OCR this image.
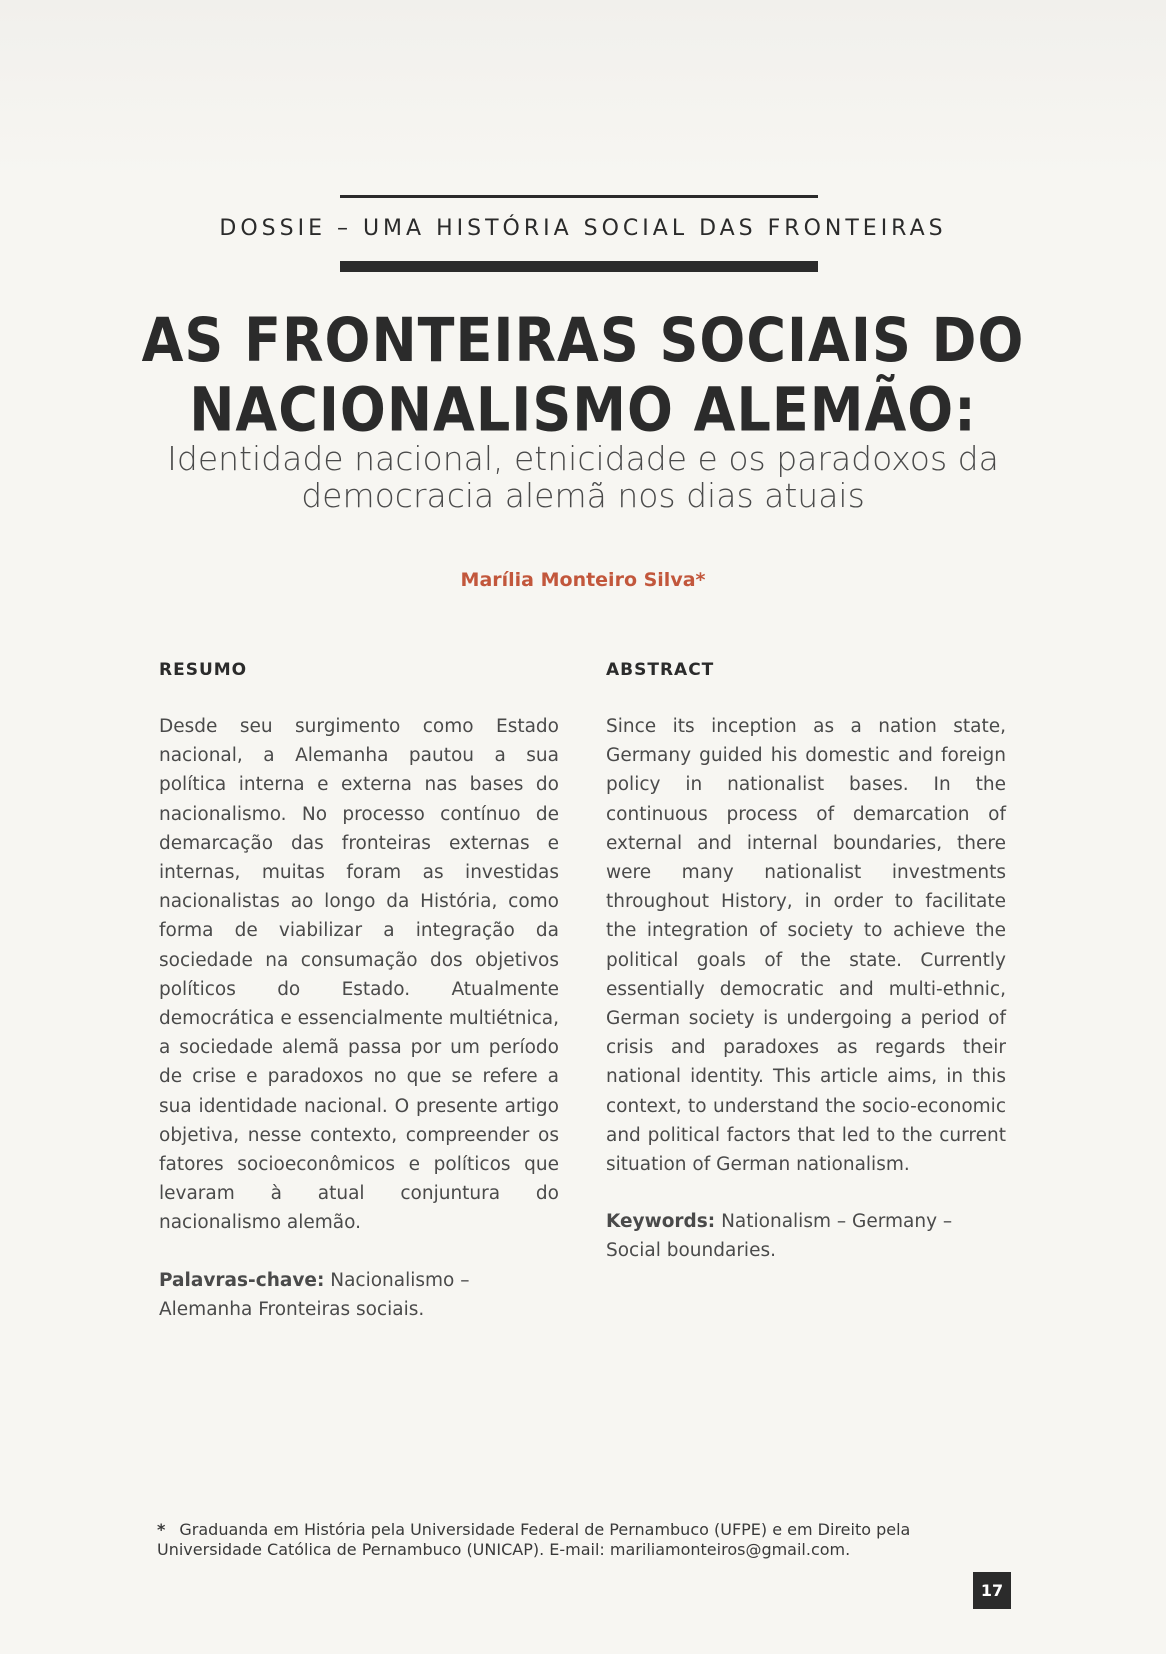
DOSSIE – UMA HISTÓRIA SOCIAL DAS FRONTEIRAS
AS FRONTEIRAS SOCIAIS DO NACIONALISMO ALEMÃO:
Identidade nacional, etnicidade e os paradoxos da democracia alemã nos dias atuais
Marília Monteiro Silva*
RESUMO

Desde seu surgimento como Estado nacional, a Alemanha pautou a sua política interna e externa nas bases do nacionalismo. No processo contínuo de demarcação das fronteiras externas e internas, muitas foram as investidas nacionalistas ao longo da História, como forma de viabilizar a integração da sociedade na consumação dos objetivos políticos do Estado. Atualmente democrática e essencialmente multiétnica, a sociedade alemã passa por um período de crise e paradoxos no que se refere a sua identidade nacional. O presente artigo objetiva, nesse contexto, compreender os fatores socioeconômicos e políticos que levaram à atual conjuntura do nacionalismo alemão.

Palavras-chave: Nacionalismo – Alemanha Fronteiras sociais.

ABSTRACT

Since its inception as a nation state, Germany guided his domestic and foreign policy in nationalist bases. In the continuous process of demarcation of external and internal boundaries, there were many nationalist investments throughout History, in order to facilitate the integration of society to achieve the political goals of the state. Currently essentially democratic and multi-ethnic, German society is undergoing a period of crisis and paradoxes as regards their national identity. This article aims, in this context, to understand the socio-economic and political factors that led to the current situation of German nationalism.

Keywords: Nationalism – Germany – Social boundaries.

* Graduanda em História pela Universidade Federal de Pernambuco (UFPE) e em Direito pela Universidade Católica de Pernambuco (UNICAP). E-mail: mariliamonteiros@gmail.com.
17
